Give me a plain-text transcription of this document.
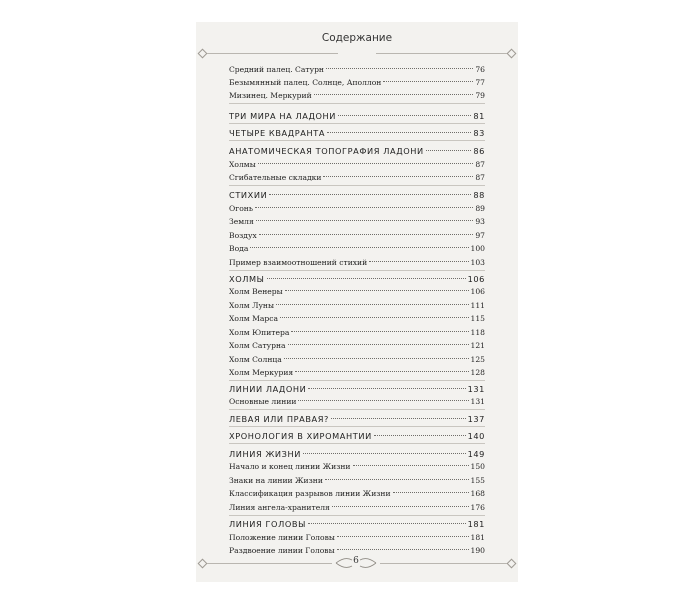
Содержание
Средний палец. Сатурн	76
Безымянный палец. Солнце, Аполлон	77
Мизинец. Меркурий	79
ТРИ МИРА НА ЛАДОНИ	81
ЧЕТЫРЕ КВАДРАНТА	83
АНАТОМИЧЕСКАЯ ТОПОГРАФИЯ ЛАДОНИ	86
Холмы	87
Сгибательные складки	87
СТИХИИ	88
Огонь	89
Земля	93
Воздух	97
Вода	100
Пример взаимоотношений стихий	103
ХОЛМЫ	106
Холм Венеры	106
Холм Луны	111
Холм Марса	115
Холм Юпитера	118
Холм Сатурна	121
Холм Солнца	125
Холм Меркурия	128
ЛИНИИ ЛАДОНИ	131
Основные линии	131
ЛЕВАЯ ИЛИ ПРАВАЯ?	137
ХРОНОЛОГИЯ В ХИРОМАНТИИ	140
ЛИНИЯ ЖИЗНИ	149
Начало и конец линии Жизни	150
Знаки на линии Жизни	155
Классификация разрывов линии Жизни	168
Линия ангела-хранителя	176
ЛИНИЯ ГОЛОВЫ	181
Положение линии Головы	181
Раздвоение линии Головы	190
6
